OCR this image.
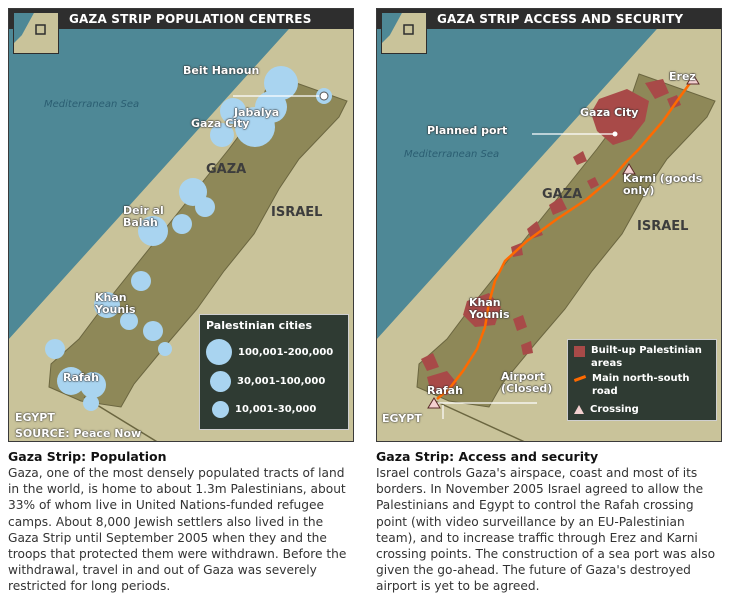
GAZA STRIP POPULATION CENTRES
Mediterranean Sea
Beit Hanoun
Jabalya
Gaza City
GAZA
ISRAEL
Deir al Balah
Khan Younis
Rafah
EGYPT
SOURCE: Peace Now
Palestinian cities
100,001-200,000
30,001-100,000
10,001-30,000
GAZA STRIP ACCESS AND SECURITY
Mediterranean Sea
Erez
Gaza City
Planned port
Karni (goods only)
GAZA
ISRAEL
Khan Younis
Rafah
Airport (Closed)
EGYPT
Built-up Palestinian areas
Main north-south road
Crossing
Gaza Strip: Population

Gaza, one of the most densely populated tracts of land in the world, is home to about 1.3m Palestinians, about 33% of whom live in United Nations-funded refugee camps. About 8,000 Jewish settlers also lived in the Gaza Strip until September 2005 when they and the troops that protected them were withdrawn. Before the withdrawal, travel in and out of Gaza was severely restricted for long periods.

Gaza Strip: Access and security

Israel controls Gaza's airspace, coast and most of its borders. In November 2005 Israel agreed to allow the Palestinians and Egypt to control the Rafah crossing point (with video surveillance by an EU-Palestinian team), and to increase traffic through Erez and Karni crossing points. The construction of a sea port was also given the go-ahead. The future of Gaza's destroyed airport is yet to be agreed.
